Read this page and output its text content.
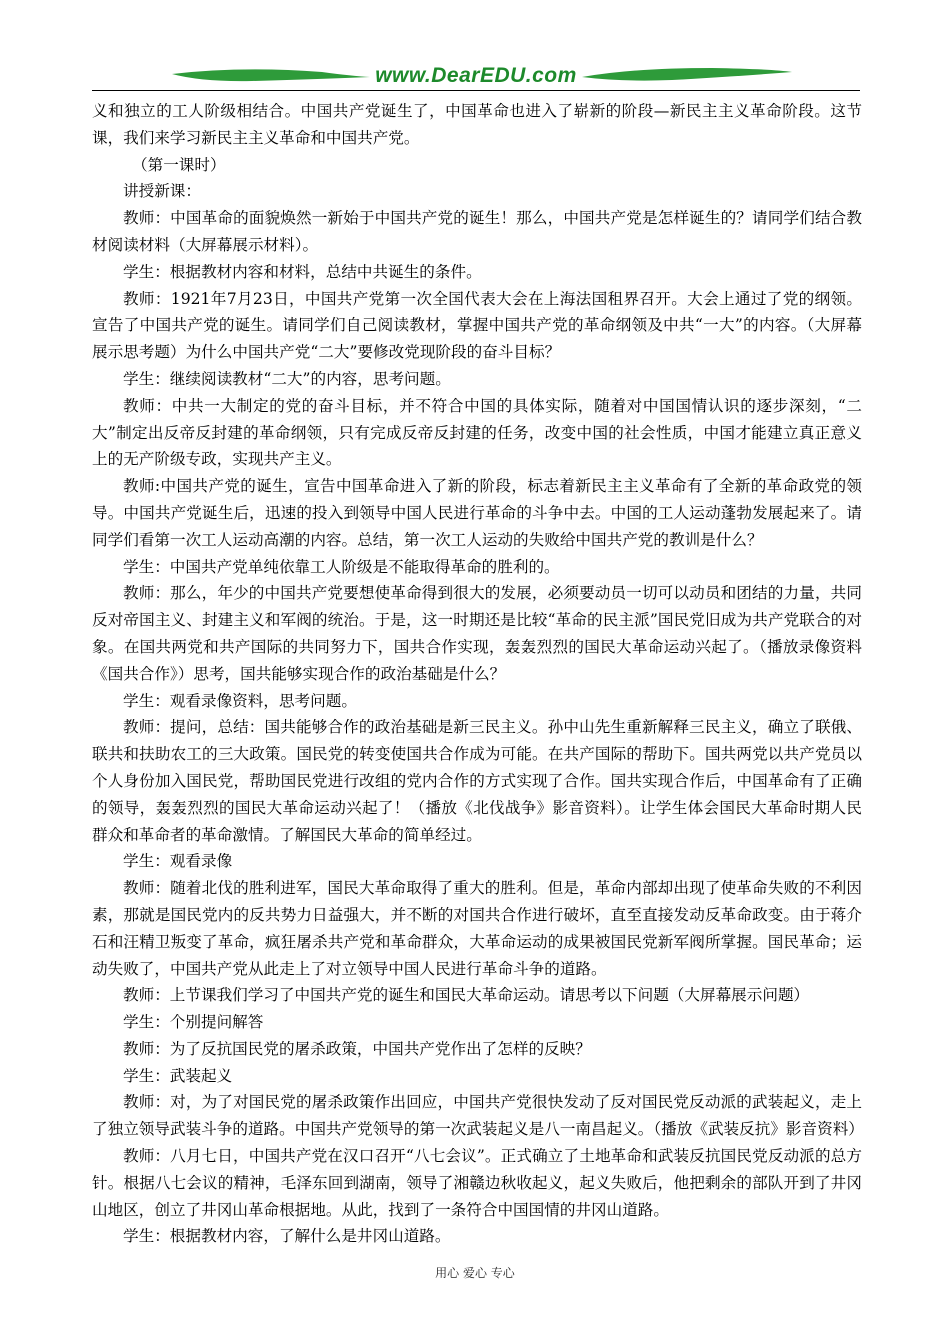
www.DearEDU.com

义和独立的工人阶级相结合。中国共产党诞生了，中国革命也进入了崭新的阶段—新民主主义革命阶段。这节课，我们来学习新民主主义革命和中国共产党。

（第一课时）

讲授新课：

教师：中国革命的面貌焕然一新始于中国共产党的诞生！那么，中国共产党是怎样诞生的？请同学们结合教材阅读材料（大屏幕展示材料）。

学生：根据教材内容和材料，总结中共诞生的条件。

教师：1921年7月23日，中国共产党第一次全国代表大会在上海法国租界召开。大会上通过了党的纲领。宣告了中国共产党的诞生。请同学们自己阅读教材，掌握中国共产党的革命纲领及中共“一大”的内容。（大屏幕展示思考题）为什么中国共产党“二大”要修改党现阶段的奋斗目标？

学生：继续阅读教材“二大”的内容，思考问题。

教师：中共一大制定的党的奋斗目标，并不符合中国的具体实际，随着对中国国情认识的逐步深刻，“二大”制定出反帝反封建的革命纲领，只有完成反帝反封建的任务，改变中国的社会性质，中国才能建立真正意义上的无产阶级专政，实现共产主义。

教师:中国共产党的诞生，宣告中国革命进入了新的阶段，标志着新民主主义革命有了全新的革命政党的领导。中国共产党诞生后，迅速的投入到领导中国人民进行革命的斗争中去。中国的工人运动蓬勃发展起来了。请同学们看第一次工人运动高潮的内容。总结，第一次工人运动的失败给中国共产党的教训是什么？

学生：中国共产党单纯依靠工人阶级是不能取得革命的胜利的。

教师：那么，年少的中国共产党要想使革命得到很大的发展，必须要动员一切可以动员和团结的力量，共同反对帝国主义、封建主义和军阀的统治。于是，这一时期还是比较“革命的民主派”国民党旧成为共产党联合的对象。在国共两党和共产国际的共同努力下，国共合作实现，轰轰烈烈的国民大革命运动兴起了。（播放录像资料《国共合作》）思考，国共能够实现合作的政治基础是什么？

学生：观看录像资料，思考问题。

教师：提问，总结：国共能够合作的政治基础是新三民主义。孙中山先生重新解释三民主义，确立了联俄、联共和扶助农工的三大政策。国民党的转变使国共合作成为可能。在共产国际的帮助下。国共两党以共产党员以个人身份加入国民党，帮助国民党进行改组的党内合作的方式实现了合作。国共实现合作后，中国革命有了正确的领导，轰轰烈烈的国民大革命运动兴起了！（播放《北伐战争》影音资料）。让学生体会国民大革命时期人民群众和革命者的革命激情。了解国民大革命的简单经过。

学生：观看录像

教师：随着北伐的胜利进军，国民大革命取得了重大的胜利。但是，革命内部却出现了使革命失败的不利因素，那就是国民党内的反共势力日益强大，并不断的对国共合作进行破坏，直至直接发动反革命政变。由于蒋介石和汪精卫叛变了革命，疯狂屠杀共产党和革命群众，大革命运动的成果被国民党新军阀所掌握。国民革命；运动失败了，中国共产党从此走上了对立领导中国人民进行革命斗争的道路。

教师：上节课我们学习了中国共产党的诞生和国民大革命运动。请思考以下问题（大屏幕展示问题）

学生：个别提问解答

教师：为了反抗国民党的屠杀政策，中国共产党作出了怎样的反映？

学生：武装起义

教师：对，为了对国民党的屠杀政策作出回应，中国共产党很快发动了反对国民党反动派的武装起义，走上了独立领导武装斗争的道路。中国共产党领导的第一次武装起义是八一南昌起义。（播放《武装反抗》影音资料）

教师：八月七日，中国共产党在汉口召开“八七会议”。正式确立了土地革命和武装反抗国民党反动派的总方针。根据八七会议的精神，毛泽东回到湖南，领导了湘赣边秋收起义，起义失败后，他把剩余的部队开到了井冈山地区，创立了井冈山革命根据地。从此，找到了一条符合中国国情的井冈山道路。

学生：根据教材内容，了解什么是井冈山道路。

用心 爱心 专心
